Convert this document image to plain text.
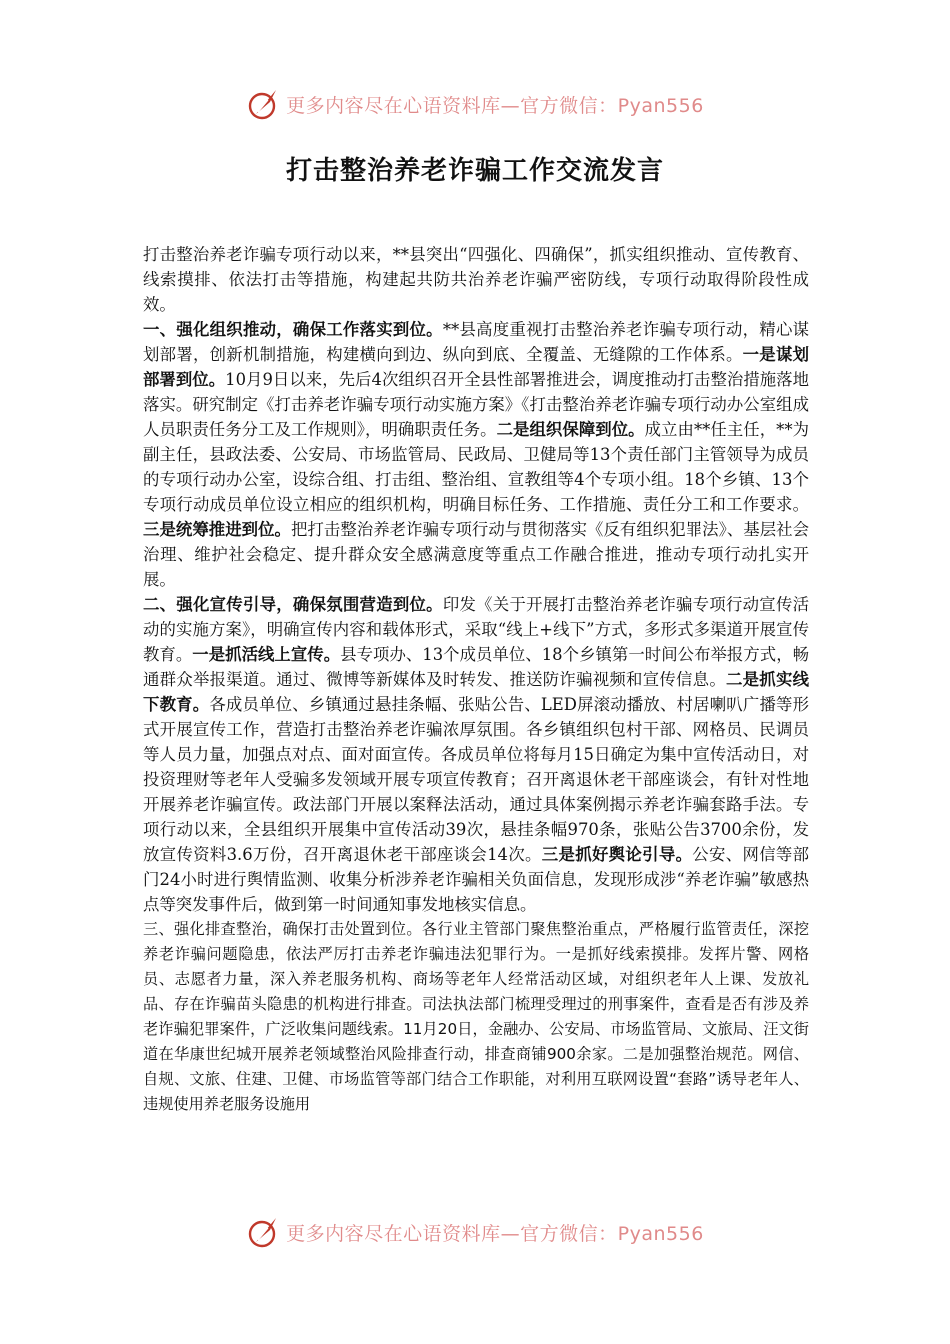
更多内容尽在心语资料库—官方微信：Pyan556
打击整治养老诈骗工作交流发言

打击整治养老诈骗专项行动以来，**县突出“四强化、四确保”，抓实组织推动、宣传教育、线索摸排、依法打击等措施，构建起共防共治养老诈骗严密防线，专项行动取得阶段性成效。

一、强化组织推动，确保工作落实到位。**县高度重视打击整治养老诈骗专项行动，精心谋划部署，创新机制措施，构建横向到边、纵向到底、全覆盖、无缝隙的工作体系。一是谋划部署到位。10月9日以来，先后4次组织召开全县性部署推进会，调度推动打击整治措施落地落实。研究制定《打击养老诈骗专项行动实施方案》《打击整治养老诈骗专项行动办公室组成人员职责任务分工及工作规则》，明确职责任务。二是组织保障到位。成立由**任主任，**为副主任，县政法委、公安局、市场监管局、民政局、卫健局等13个责任部门主管领导为成员的专项行动办公室，设综合组、打击组、整治组、宣教组等4个专项小组。18个乡镇、13个专项行动成员单位设立相应的组织机构，明确目标任务、工作措施、责任分工和工作要求。三是统筹推进到位。把打击整治养老诈骗专项行动与贯彻落实《反有组织犯罪法》、基层社会治理、维护社会稳定、提升群众安全感满意度等重点工作融合推进，推动专项行动扎实开展。

二、强化宣传引导，确保氛围营造到位。印发《关于开展打击整治养老诈骗专项行动宣传活动的实施方案》，明确宣传内容和载体形式，采取“线上+线下”方式，多形式多渠道开展宣传教育。一是抓活线上宣传。县专项办、13个成员单位、18个乡镇第一时间公布举报方式，畅通群众举报渠道。通过、微博等新媒体及时转发、推送防诈骗视频和宣传信息。二是抓实线下教育。各成员单位、乡镇通过悬挂条幅、张贴公告、LED屏滚动播放、村居喇叭广播等形式开展宣传工作，营造打击整治养老诈骗浓厚氛围。各乡镇组织包村干部、网格员、民调员等人员力量，加强点对点、面对面宣传。各成员单位将每月15日确定为集中宣传活动日，对投资理财等老年人受骗多发领域开展专项宣传教育；召开离退休老干部座谈会，有针对性地开展养老诈骗宣传。政法部门开展以案释法活动，通过具体案例揭示养老诈骗套路手法。专项行动以来，全县组织开展集中宣传活动39次，悬挂条幅970条，张贴公告3700余份，发放宣传资料3.6万份，召开离退休老干部座谈会14次。三是抓好舆论引导。公安、网信等部门24小时进行舆情监测、收集分析涉养老诈骗相关负面信息，发现形成涉“养老诈骗”敏感热点等突发事件后，做到第一时间通知事发地核实信息。

三、强化排查整治，确保打击处置到位。各行业主管部门聚焦整治重点，严格履行监管责任，深挖养老诈骗问题隐患，依法严厉打击养老诈骗违法犯罪行为。一是抓好线索摸排。发挥片警、网格员、志愿者力量，深入养老服务机构、商场等老年人经常活动区域，对组织老年人上课、发放礼品、存在诈骗苗头隐患的机构进行排查。司法执法部门梳理受理过的刑事案件，查看是否有涉及养老诈骗犯罪案件，广泛收集问题线索。11月20日，金融办、公安局、市场监管局、文旅局、汪文街道在华康世纪城开展养老领域整治风险排查行动，排查商铺900余家。二是加强整治规范。网信、自规、文旅、住建、卫健、市场监管等部门结合工作职能，对利用互联网设置“套路”诱导老年人、违规使用养老服务设施用

更多内容尽在心语资料库—官方微信：Pyan556
